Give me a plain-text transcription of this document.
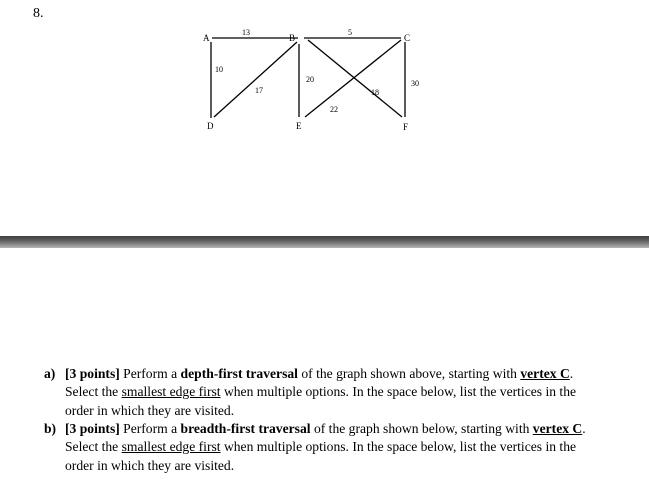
8.
A	B	C
D	E	F
13	5
10
17
20
22
18
30
a) [3 points] Perform a depth-first traversal of the graph shown above, starting with vertex C. Select the smallest edge first when multiple options. In the space below, list the vertices in the order in which they are visited.
b) [3 points] Perform a breadth-first traversal of the graph shown below, starting with vertex C. Select the smallest edge first when multiple options. In the space below, list the vertices in the order in which they are visited.
